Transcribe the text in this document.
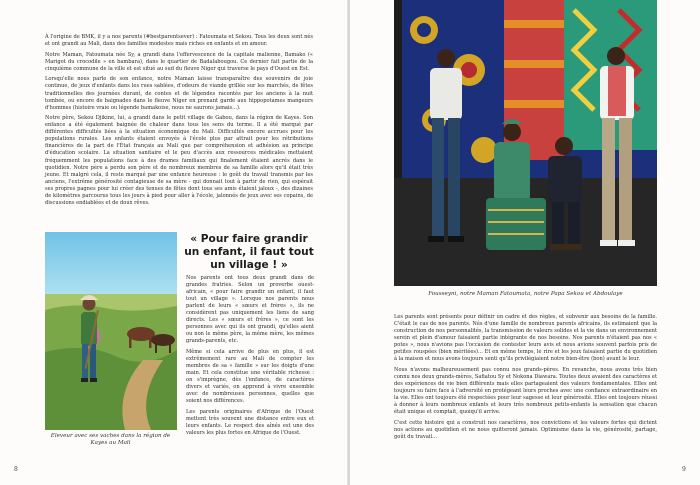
À l'origine de BMK, il y a nos parents (#bestparentsever) : Fatoumata et Sekou. Tous les deux sont nés et ont grandi au Mali, dans des familles modestes mais riches en enfants et en amour.

Notre Maman, Fatoumata née Sy, a grandi dans l'effervescence de la capitale malienne, Bamako (« Marigot du crocodile » en bambara), dans le quartier de Badalabougou. Ce dernier fait partie de la cinquième commune de la ville et est situé au sud du fleuve Niger qui traverse le pays d'Ouest en Est.

Lorsqu'elle nous parle de son enfance, notre Maman laisse transparaître des souvenirs de joie continue, de jeux d'enfants dans les rues sablées, d'odeurs de viande grillée sur les marchés, de fêtes traditionnelles des journées durant, de contes et de légendes racontés par les anciens à la nuit tombée, ou encore de baignades dans le fleuve Niger en prenant garde aux hippopotames mangeurs d'hommes (histoire vraie ou légende bamakoise, nous ne saurons jamais...).

Notre père, Sekou Djikine, lui, a grandi dans le petit village de Gabou, dans la région de Kayes. Son enfance a été également baignée de chaleur dans tous les sens du terme. Il a été marqué par différentes difficultés liées à la situation économique du Mali. Difficultés encore accrues pour les populations rurales. Les enfants étaient envoyés à l'école plus par attrait pour les rétributions financières de la part de l'État français au Mali que par compréhension et adhésion au principe d'éducation scolaire. La situation sanitaire et le peu d'accès aux ressources médicales mettaient fréquemment les populations face à des drames familiaux qui finalement étaient ancrés dans le quotidien. Notre père a perdu son père et de nombreux membres de sa famille alors qu'il était très jeune. Et malgré cela, il reste marqué par une enfance heureuse : le goût du travail transmis par les anciens, l'extrême générosité contagieuse de sa mère - qui donnait tout à partir de rien, qui espérait ses propres pagnes pour lui créer des tenues de fêtes dont tous ses amis étaient jaloux -, des dizaines de kilomètres parcourus tous les jours à pied pour aller à l'école, jalonnés de jeux avec ses copains, de discussions endiablées et de doux rêves.

Eleveur avec ses vaches dans la région de Kayes au Mali
« Pour faire grandir un enfant, il faut tout un village ! »

Nos parents ont tous deux grandi dans de grandes fratries. Selon un proverbe ouest-africain, « pour faire grandir un enfant, il faut tout un village ». Lorsque nos parents nous parlent de leurs « sœurs et frères », ils ne considèrent pas uniquement les liens de sang directs. Les « sœurs et frères », ce sont les personnes avec qui ils ont grandi, qu'elles aient ou non le même père, la même mère, les mêmes grands-parents, etc.

Même si cela arrive de plus en plus, il est extrêmement rare au Mali de compter les membres de sa « famille » sur les doigts d'une main. Et cela constitue une véritable richesse : on s'imprègne, dès l'enfance, de caractères divers et variés, on apprend à vivre ensemble avec de nombreuses personnes, quelles que soient nos différences.

Les parents originaires d'Afrique de l'Ouest mettent très souvent une distance entre eux et leurs enfants. Le respect des aînés est une des valeurs les plus fortes en Afrique de l'Ouest.

8
Fousseyni, notre Maman Fatoumata, notre Papa Sekou et Abdoulaye

Les parents sont présents pour définir un cadre et des règles, et subvenir aux besoins de la famille. C'était le cas de nos parents. Nés d'une famille de nombreux parents africains, ils estimaient que la construction de nos personnalités, la transmission de valeurs solides et la vie dans un environnement serein et plein d'amour faisaient partie intégrante de nos besoins. Nos parents n'étaient pas nos « potes », nous n'avions pas l'occasion de contester leurs avis et nous avions souvent parfois pris de petites rouspées (bien méritées)... Et en même temps, le rire et les jeux faisaient partie du quotidien à la maison et nous avons toujours senti qu'ils privilégiaient notre bien-être (bon) avant le leur.

Nous n'avons malheureusement pas connu nos grands-pères. En revanche, nous avons très bien connu nos deux grands-mères, Safiatou Sy et Nokona Diawara. Toutes deux avaient des caractères et des expériences de vie bien différents mais elles partageaient des valeurs fondamentales. Elles ont toujours su faire face à l'adversité en protégeant leurs proches avec une confiance extraordinaire en la vie. Elles ont toujours été respectées pour leur sagesse et leur générosité. Elles ont toujours réussi à donner à leurs nombreux enfants et leurs très nombreux petits-enfants la sensation que chacun était unique et comptait, quoiqu'il arrive.

C'est cette histoire qui a construit nos caractères, nos convictions et les valeurs fortes qui dictent nos actions au quotidien et ne nous quitteront jamais. Optimisme dans la vie, générosité, partage, goût du travail...

9
